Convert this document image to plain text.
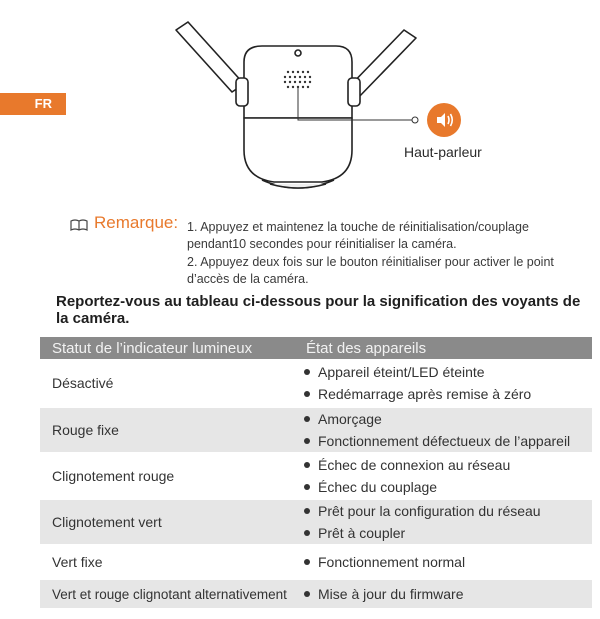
FR
Haut-parleur
Remarque: 1. Appuyez et maintenez la touche de réinitialisation/couplage pendant10 secondes pour réinitialiser la caméra.
2. Appuyez deux fois sur le bouton réinitialiser pour activer le point d’accès de la caméra.
Reportez-vous au tableau ci-dessous pour la signification des voyants de la caméra.
Statut de l’indicateur lumineux	État des appareils
Désactivé	Appareil éteint/LED éteinte
Redémarrage après remise à zéro

Rouge fixe	Amorçage
Fonctionnement défectueux de l’appareil

Clignotement rouge	Échec de connexion au réseau
Échec du couplage

Clignotement vert	Prêt pour la configuration du réseau
Prêt à coupler

Vert fixe	Fonctionnement normal

Vert et rouge clignotant alternativement	Mise à jour du firmware
